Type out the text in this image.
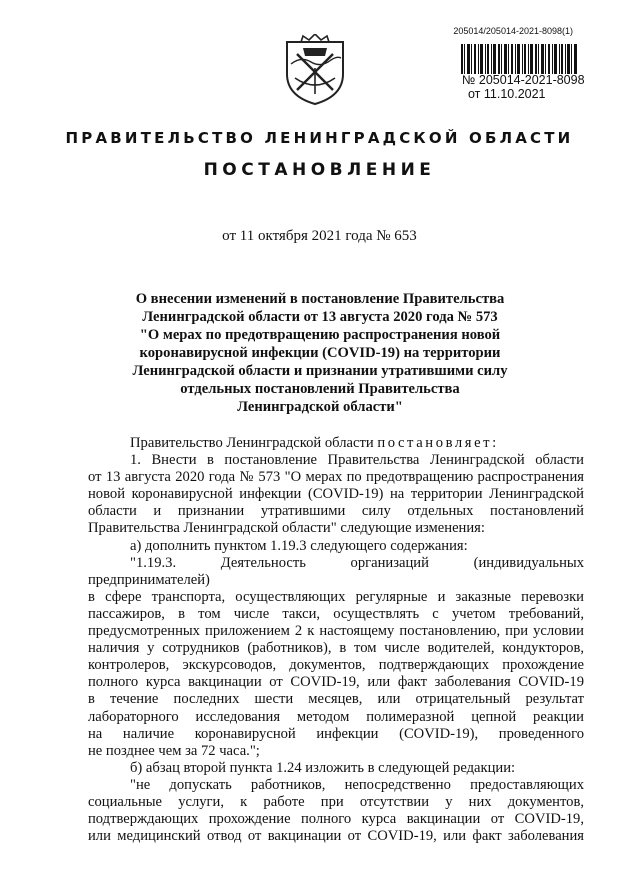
205014/205014-2021-8098(1)
№ 205014-2021-8098
от 11.10.2021
ПРАВИТЕЛЬСТВО ЛЕНИНГРАДСКОЙ ОБЛАСТИ
ПОСТАНОВЛЕНИЕ
от 11 октября 2021 года № 653
О внесении изменений в постановление Правительства
Ленинградской области от 13 августа 2020 года № 573
"О мерах по предотвращению распространения новой
коронавирусной инфекции (COVID-19) на территории
Ленинградской области и признании утратившими силу
отдельных постановлений Правительства
Ленинградской области"

Правительство Ленинградской области постановляет:

1. Внести в постановление Правительства Ленинградской области

от 13 августа 2020 года № 573 "О мерах по предотвращению распространения

новой коронавирусной инфекции (COVID-19) на территории Ленинградской

области и признании утратившими силу отдельных постановлений

Правительства Ленинградской области" следующие изменения:

а) дополнить пунктом 1.19.3 следующего содержания:

"1.19.3. Деятельность организаций (индивидуальных предпринимателей)

в сфере транспорта, осуществляющих регулярные и заказные перевозки

пассажиров, в том числе такси, осуществлять с учетом требований,

предусмотренных приложением 2 к настоящему постановлению, при условии

наличия у сотрудников (работников), в том числе водителей, кондукторов,

контролеров, экскурсоводов, документов, подтверждающих прохождение

полного курса вакцинации от COVID-19, или факт заболевания COVID-19

в течение последних шести месяцев, или отрицательный результат

лабораторного исследования методом полимеразной цепной реакции

на наличие коронавирусной инфекции (COVID-19), проведенного

не позднее чем за 72 часа.";

б) абзац второй пункта 1.24 изложить в следующей редакции:

"не допускать работников, непосредственно предоставляющих

социальные услуги, к работе при отсутствии у них документов,

подтверждающих прохождение полного курса вакцинации от COVID-19,

или медицинский отвод от вакцинации от COVID-19, или факт заболевания
